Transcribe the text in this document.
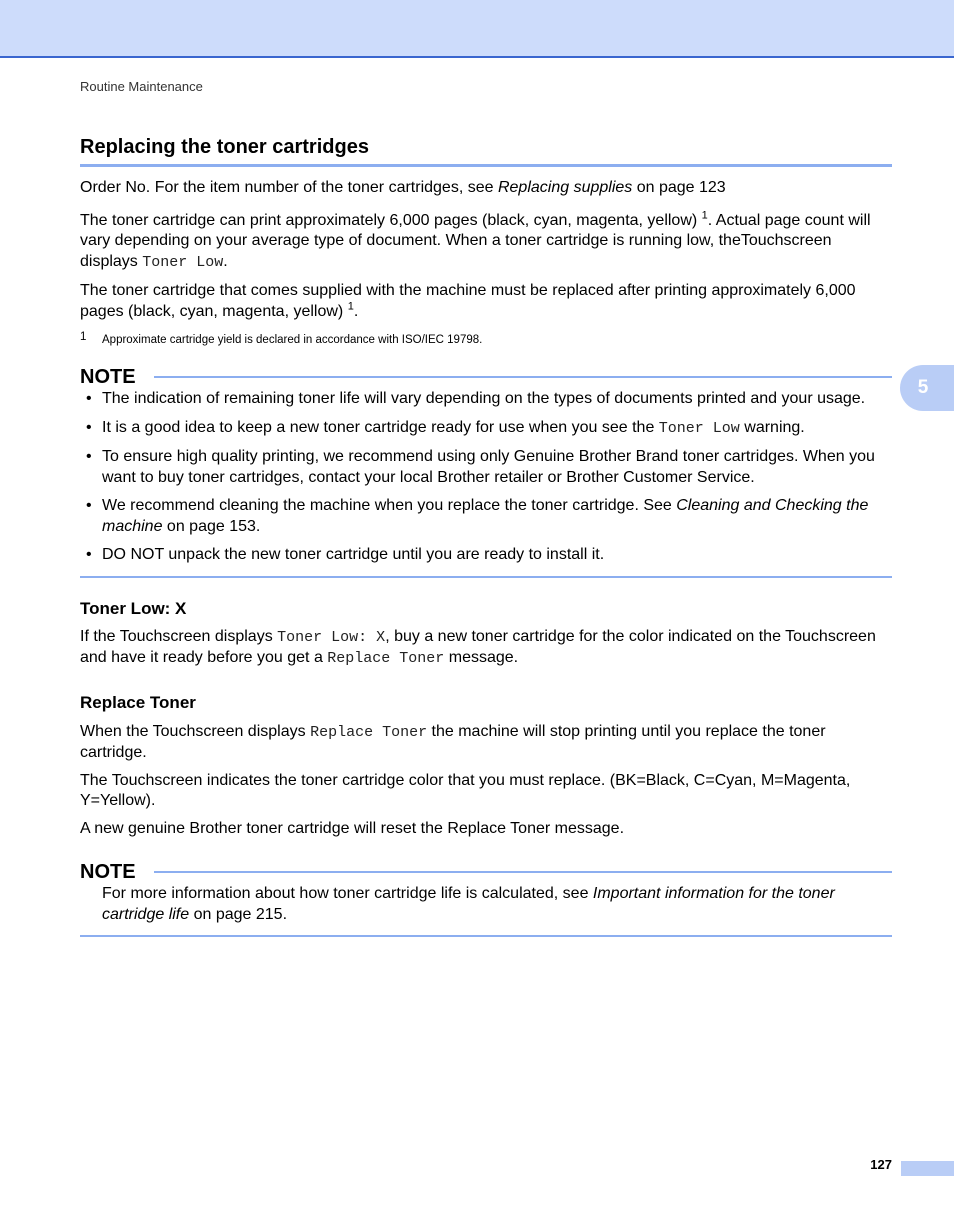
Routine Maintenance
5
Replacing the toner cartridges

Order No. For the item number of the toner cartridges, see Replacing supplies on page 123

The toner cartridge can print approximately 6,000 pages (black, cyan, magenta, yellow) $^1$. Actual page count will vary depending on your average type of document. When a toner cartridge is running low, theTouchscreen displays Toner Low.

The toner cartridge that comes supplied with the machine must be replaced after printing approximately 6,000 pages (black, cyan, magenta, yellow) $^1$.

1	Approximate cartridge yield is declared in accordance with ISO/IEC 19798.
NOTE
• The indication of remaining toner life will vary depending on the types of documents printed and your usage.
• It is a good idea to keep a new toner cartridge ready for use when you see the Toner Low warning.
• To ensure high quality printing, we recommend using only Genuine Brother Brand toner cartridges. When you want to buy toner cartridges, contact your local Brother retailer or Brother Customer Service.
• We recommend cleaning the machine when you replace the toner cartridge. See Cleaning and Checking the machine on page 153.
• DO NOT unpack the new toner cartridge until you are ready to install it.
Toner Low: X

If the Touchscreen displays Toner Low: X, buy a new toner cartridge for the color indicated on the Touchscreen and have it ready before you get a Replace Toner message.

Replace Toner

When the Touchscreen displays Replace Toner the machine will stop printing until you replace the toner cartridge.

The Touchscreen indicates the toner cartridge color that you must replace. (BK=Black, C=Cyan, M=Magenta, Y=Yellow).

A new genuine Brother toner cartridge will reset the Replace Toner message.

NOTE

For more information about how toner cartridge life is calculated, see Important information for the toner cartridge life on page 215.

127
